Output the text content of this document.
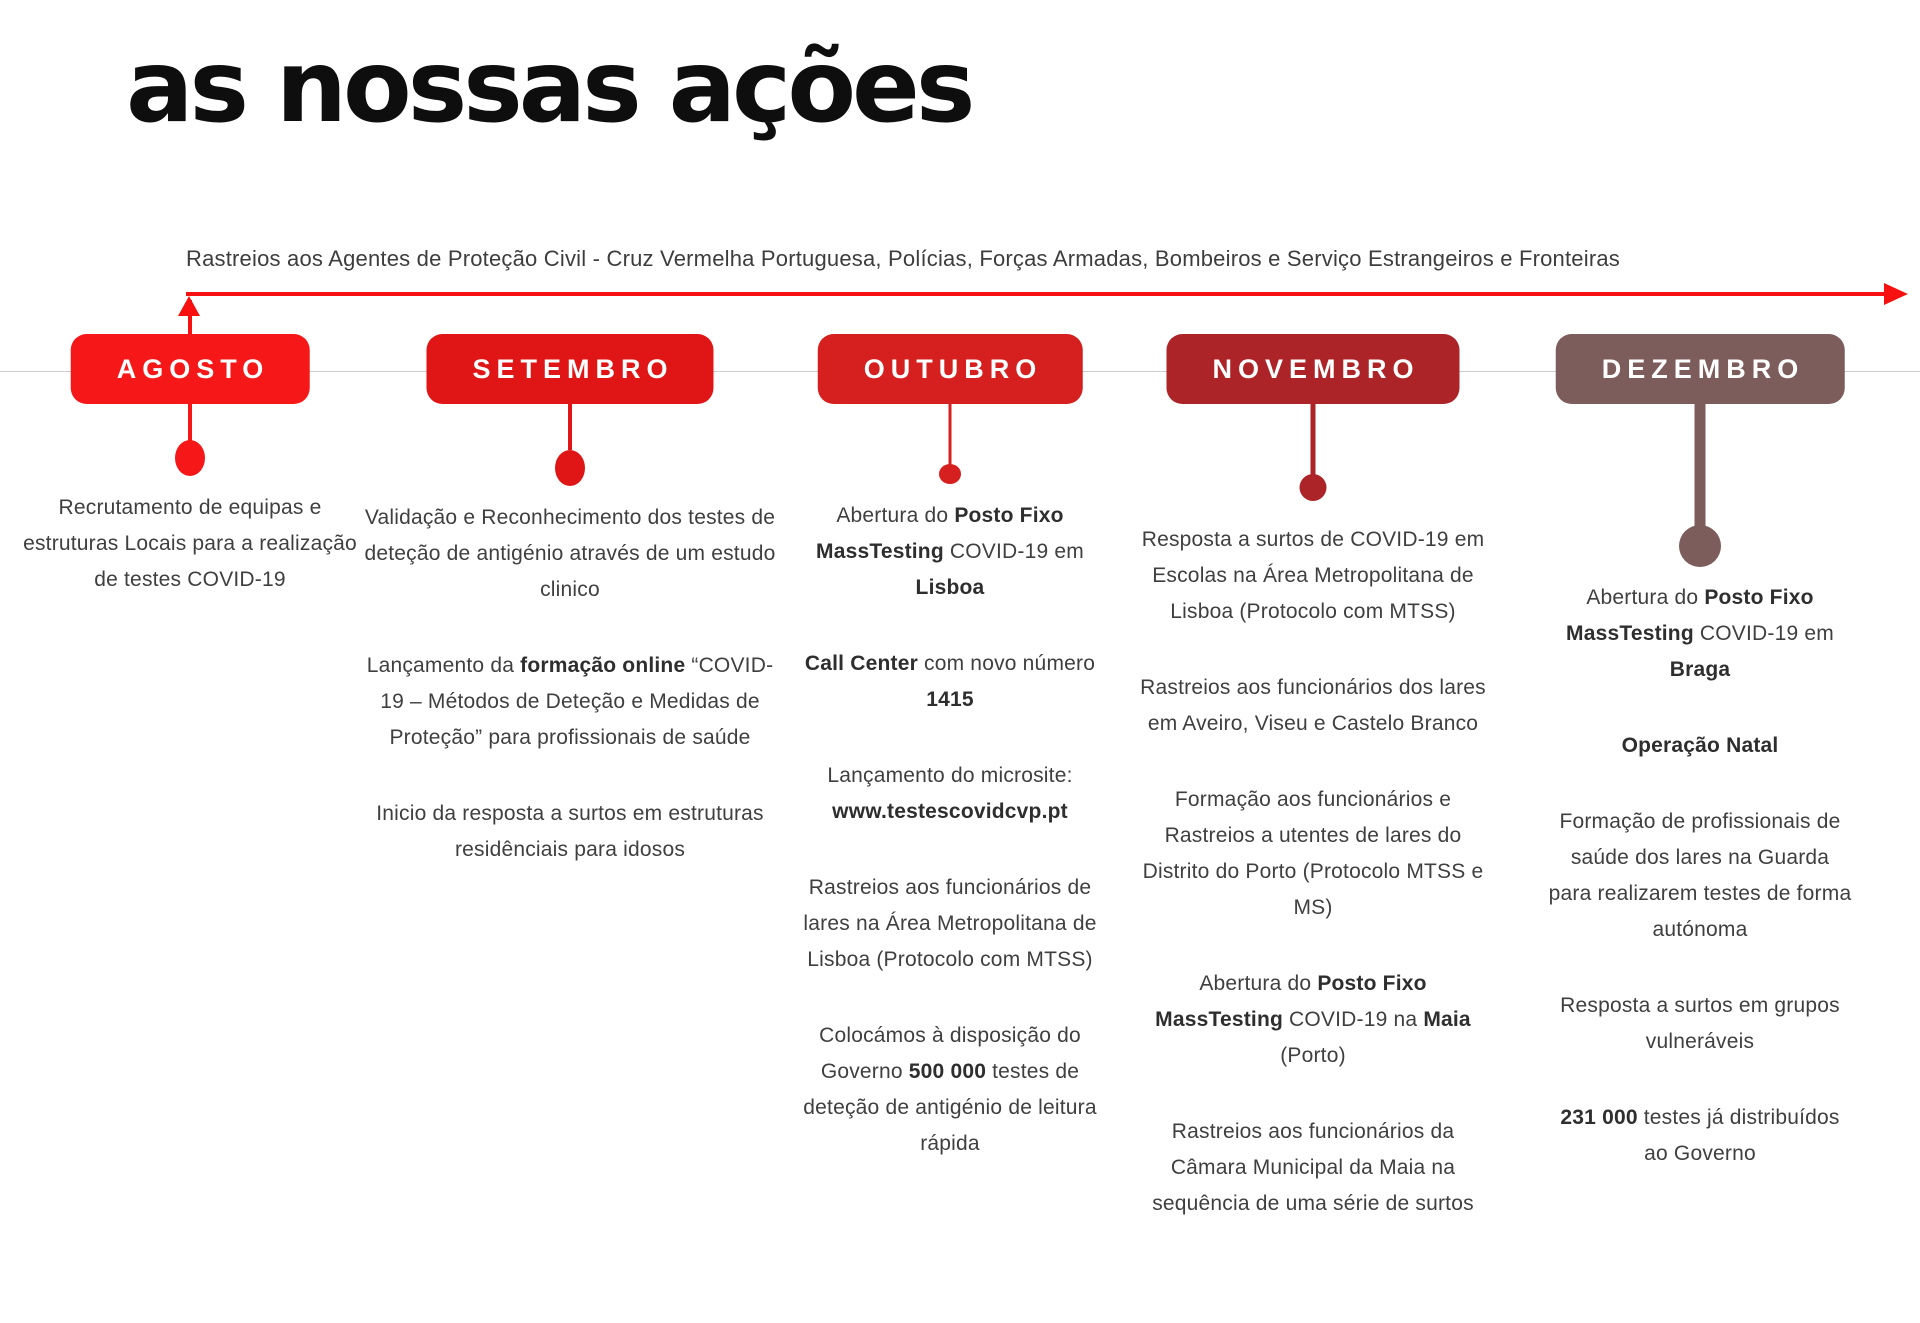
as nossas ações
Rastreios aos Agentes de Proteção Civil - Cruz Vermelha Portuguesa, Polícias, Forças Armadas, Bombeiros e Serviço Estrangeiros e Fronteiras
AGOSTO

Recrutamento de equipas e estruturas Locais para a realização de testes COVID-19

SETEMBRO

Validação e Reconhecimento dos testes de deteção de antigénio através de um estudo clinico

Lançamento da formação online “COVID-19 – Métodos de Deteção e Medidas de Proteção” para profissionais de saúde

Inicio da resposta a surtos em estruturas residênciais para idosos

OUTUBRO

Abertura do Posto Fixo MassTesting COVID-19 em Lisboa

Call Center com novo número 1415

Lançamento do microsite: www.testescovidcvp.pt

Rastreios aos funcionários de lares na Área Metropolitana de Lisboa (Protocolo com MTSS)

Colocámos à disposição do Governo 500 000 testes de deteção de antigénio de leitura rápida

NOVEMBRO

Resposta a surtos de COVID-19 em Escolas na Área Metropolitana de Lisboa (Protocolo com MTSS)

Rastreios aos funcionários dos lares em Aveiro, Viseu e Castelo Branco

Formação aos funcionários e Rastreios a utentes de lares do Distrito do Porto (Protocolo MTSS e MS)

Abertura do Posto Fixo MassTesting COVID-19 na Maia (Porto)

Rastreios aos funcionários da Câmara Municipal da Maia na sequência de uma série de surtos

DEZEMBRO

Abertura do Posto Fixo MassTesting COVID-19 em Braga

Operação Natal

Formação de profissionais de saúde dos lares na Guarda para realizarem testes de forma autónoma

Resposta a surtos em grupos vulneráveis

231 000 testes já distribuídos ao Governo
